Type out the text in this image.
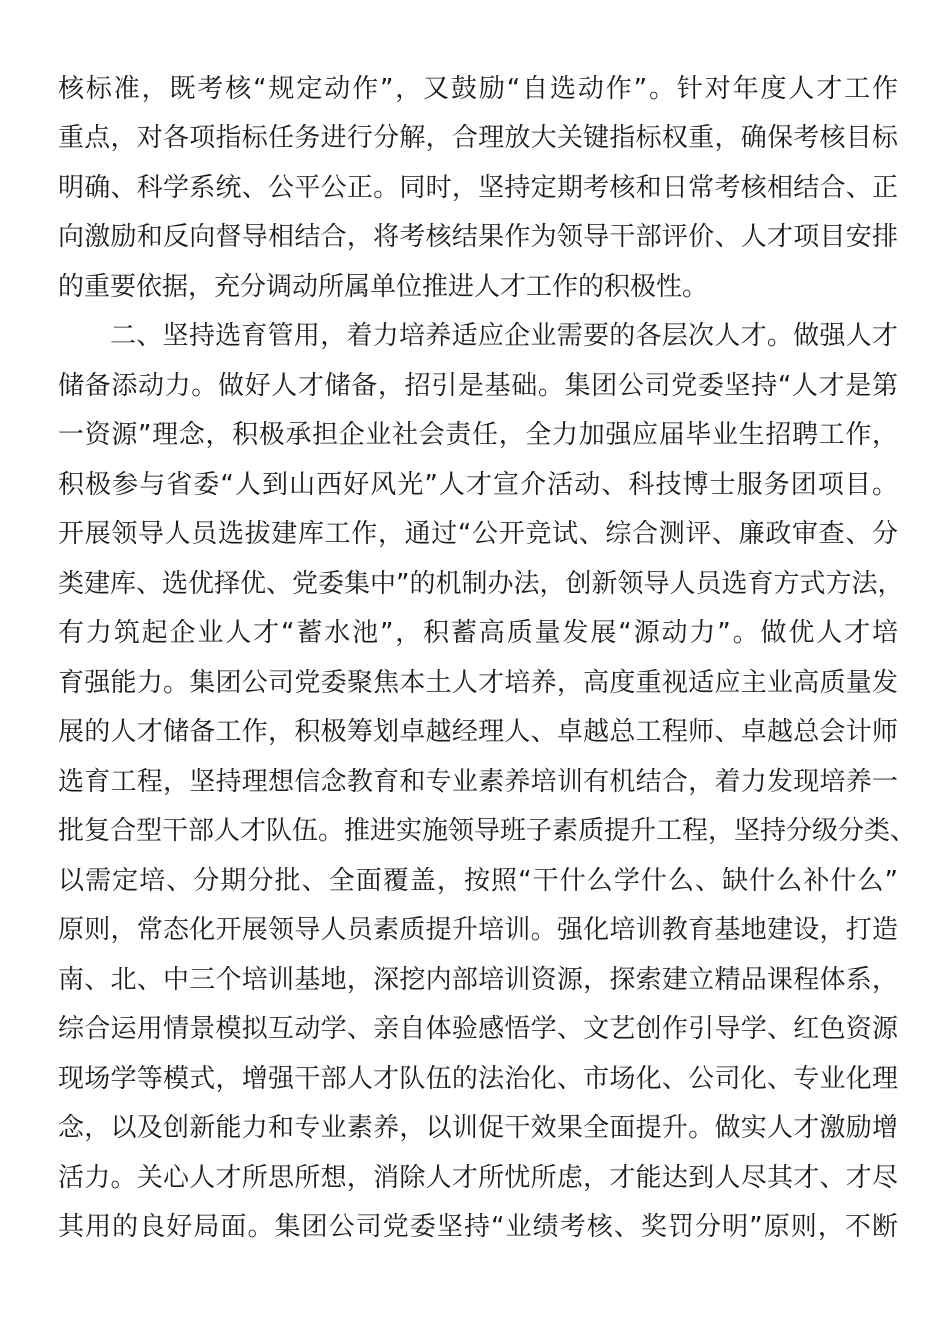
核标准，既考核“规定动作”，又鼓励“自选动作”。针对年度人才工作
重点，对各项指标任务进行分解，合理放大关键指标权重，确保考核目标
明确、科学系统、公平公正。同时，坚持定期考核和日常考核相结合、正
向激励和反向督导相结合，将考核结果作为领导干部评价、人才项目安排
的重要依据，充分调动所属单位推进人才工作的积极性。
二、坚持选育管用，着力培养适应企业需要的各层次人才。做强人才
储备添动力。做好人才储备，招引是基础。集团公司党委坚持“人才是第
一资源”理念，积极承担企业社会责任，全力加强应届毕业生招聘工作，
积极参与省委“人到山西好风光”人才宣介活动、科技博士服务团项目。
开展领导人员选拔建库工作，通过“公开竞试、综合测评、廉政审查、分
类建库、选优择优、党委集中”的机制办法，创新领导人员选育方式方法，
有力筑起企业人才“蓄水池”，积蓄高质量发展“源动力”。做优人才培
育强能力。集团公司党委聚焦本土人才培养，高度重视适应主业高质量发
展的人才储备工作，积极筹划卓越经理人、卓越总工程师、卓越总会计师
选育工程，坚持理想信念教育和专业素养培训有机结合，着力发现培养一
批复合型干部人才队伍。推进实施领导班子素质提升工程，坚持分级分类、
以需定培、分期分批、全面覆盖，按照“干什么学什么、缺什么补什么”
原则，常态化开展领导人员素质提升培训。强化培训教育基地建设，打造
南、北、中三个培训基地，深挖内部培训资源，探索建立精品课程体系，
综合运用情景模拟互动学、亲自体验感悟学、文艺创作引导学、红色资源
现场学等模式，增强干部人才队伍的法治化、市场化、公司化、专业化理
念，以及创新能力和专业素养，以训促干效果全面提升。做实人才激励增
活力。关心人才所思所想，消除人才所忧所虑，才能达到人尽其才、才尽
其用的良好局面。集团公司党委坚持“业绩考核、奖罚分明”原则，不断
